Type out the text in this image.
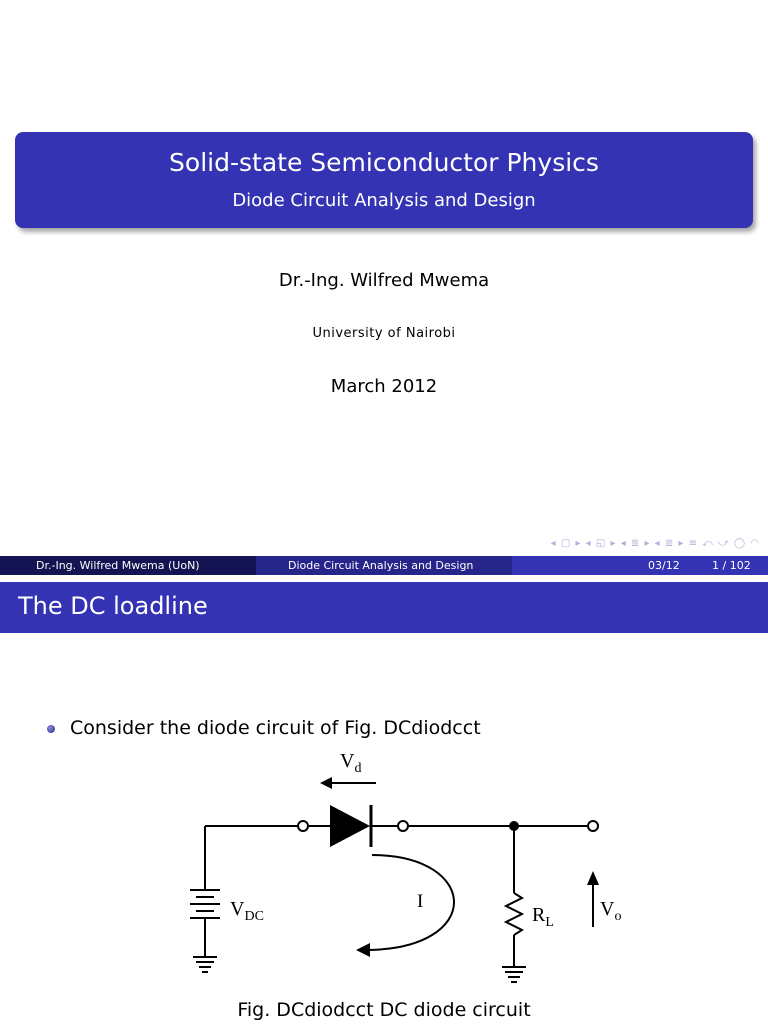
Solid-state Semiconductor Physics
Diode Circuit Analysis and Design
Dr.-Ing. Wilfred Mwema
University of Nairobi
March 2012
◂ ▢ ▸ ◂ ◱ ▸ ◂ ≣ ▸ ◂ ≣ ▸ ≡ ⤺ ⤻ ◯ ◠
Dr.-Ing. Wilfred Mwema (UoN)	Diode Circuit Analysis and Design	03/12	1 / 102
The DC loadline
Consider the diode circuit of Fig. DCdiodcct
$V_d$
$V_{DC}$
I
$R_L$
$V_o$
Fig. DCdiodcct DC diode circuit
